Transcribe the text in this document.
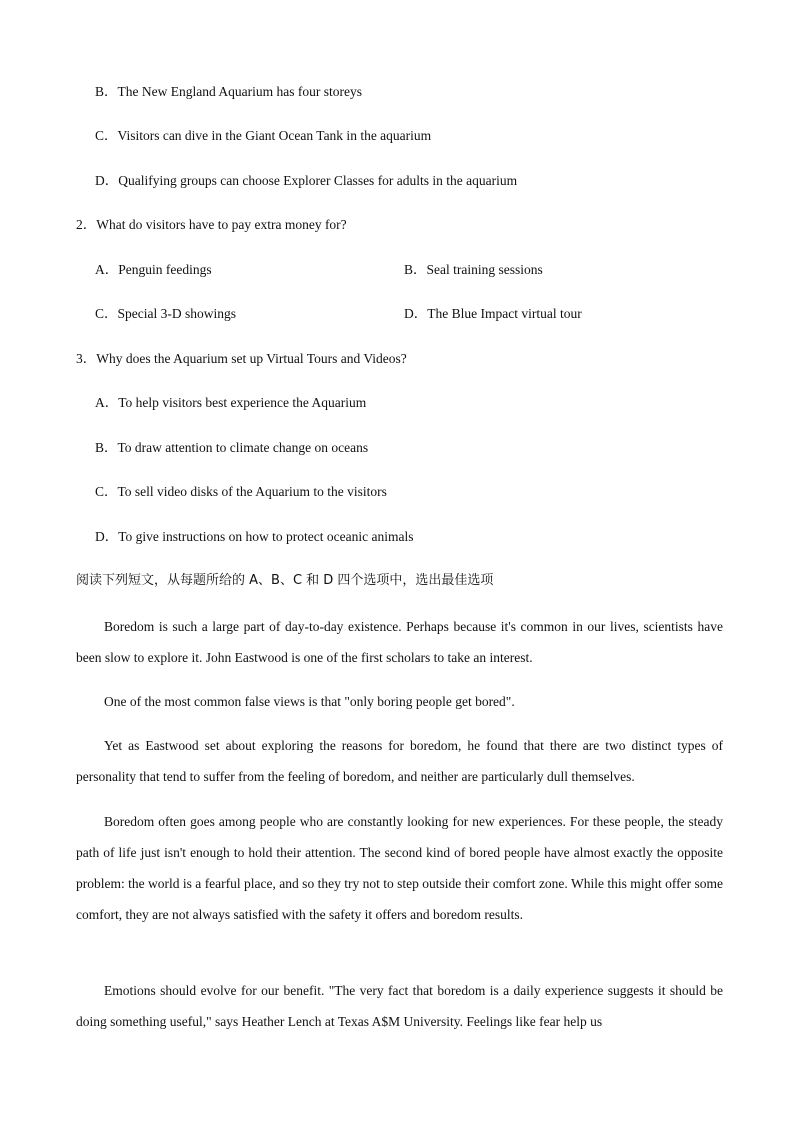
B．The New England Aquarium has four storeys
C．Visitors can dive in the Giant Ocean Tank in the aquarium
D．Qualifying groups can choose Explorer Classes for adults in the aquarium
2．What do visitors have to pay extra money for?
A．Penguin feedings	B．Seal training sessions
C．Special 3-D showings	D．The Blue Impact virtual tour
3．Why does the Aquarium set up Virtual Tours and Videos?
A．To help visitors best experience the Aquarium
B．To draw attention to climate change on oceans
C．To sell video disks of the Aquarium to the visitors
D．To give instructions on how to protect oceanic animals
阅读下列短文，从每题所给的 A、B、C 和 D 四个选项中，选出最佳选项
Boredom is such a large part of day-to-day existence. Perhaps because it's common in our lives, scientists have been slow to explore it. John Eastwood is one of the first scholars to take an interest.
One of the most common false views is that "only boring people get bored".
Yet as Eastwood set about exploring the reasons for boredom, he found that there are two distinct types of personality that tend to suffer from the feeling of boredom, and neither are particularly dull themselves.
Boredom often goes among people who are constantly looking for new experiences. For these people, the steady path of life just isn't enough to hold their attention. The second kind of bored people have almost exactly the opposite problem: the world is a fearful place, and so they try not to step outside their comfort zone. While this might offer some comfort, they are not always satisfied with the safety it offers and boredom results.
Emotions should evolve for our benefit. "The very fact that boredom is a daily experience suggests it should be doing something useful," says Heather Lench at Texas A$M University. Feelings like fear help us
